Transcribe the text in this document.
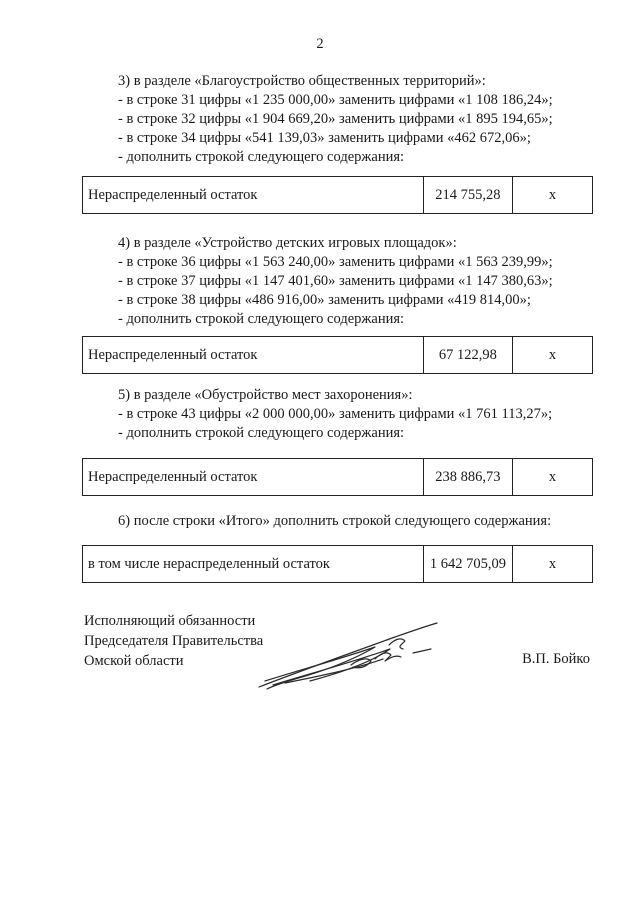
2
3) в разделе «Благоустройство общественных территорий»:
- в строке 31 цифры «1 235 000,00» заменить цифрами «1 108 186,24»;
- в строке 32 цифры «1 904 669,20» заменить цифрами «1 895 194,65»;
- в строке 34 цифры «541 139,03» заменить цифрами «462 672,06»;
- дополнить строкой следующего содержания:
Нераспределенный остаток	214 755,28	х
4) в разделе «Устройство детских игровых площадок»:
- в строке 36 цифры «1 563 240,00» заменить цифрами «1 563 239,99»;
- в строке 37 цифры «1 147 401,60» заменить цифрами «1 147 380,63»;
- в строке 38 цифры «486 916,00» заменить цифрами «419 814,00»;
- дополнить строкой следующего содержания:
Нераспределенный остаток	67 122,98	х
5) в разделе «Обустройство мест захоронения»:
- в строке 43 цифры «2 000 000,00» заменить цифрами «1 761 113,27»;
- дополнить строкой следующего содержания:
Нераспределенный остаток	238 886,73	х
6) после строки «Итого» дополнить строкой следующего содержания:
в том числе нераспределенный остаток	1 642 705,09	х
Исполняющий обязанности
Председателя Правительства
Омской области	В.П. Бойко
